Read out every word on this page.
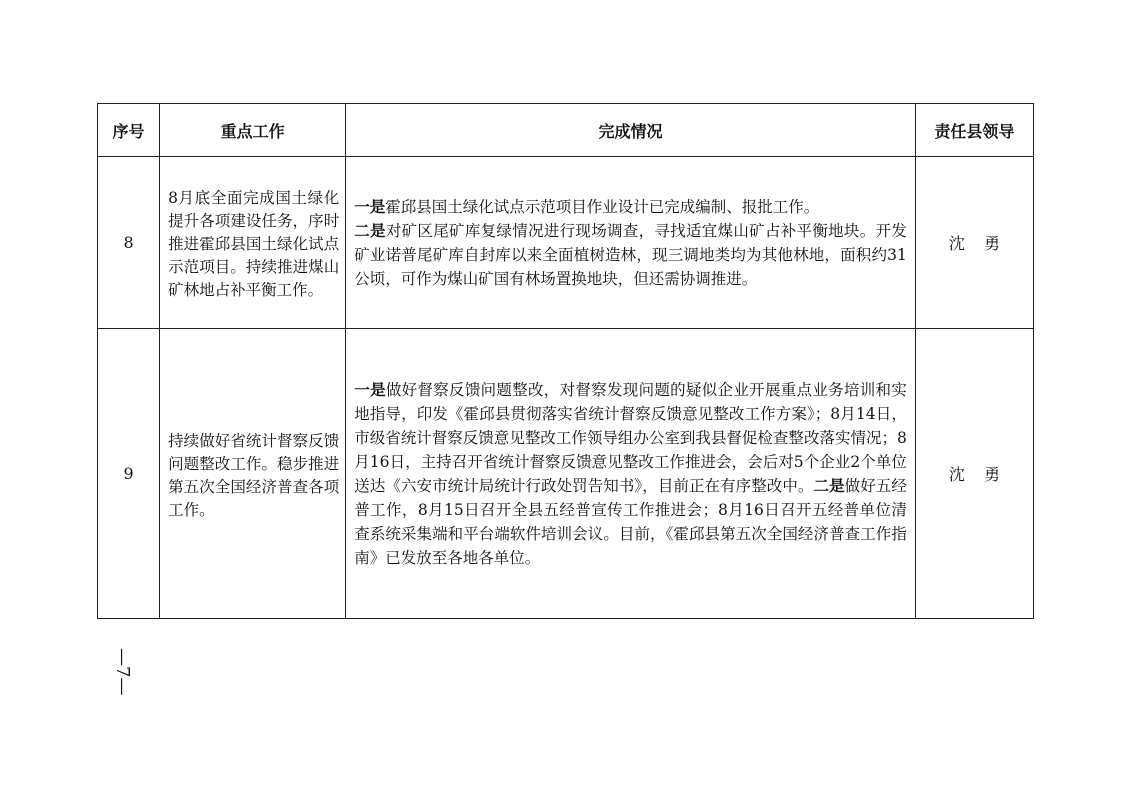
序号	重点工作	完成情况	责任县领导
8	8月底全面完成国土绿化提升各项建设任务，序时推进霍邱县国土绿化试点示范项目。持续推进煤山矿林地占补平衡工作。	一是霍邱县国土绿化试点示范项目作业设计已完成编制、报批工作。
二是对矿区尾矿库复绿情况进行现场调查，寻找适宜煤山矿占补平衡地块。开发矿业诺普尾矿库自封库以来全面植树造林，现三调地类均为其他林地，面积约31公顷，可作为煤山矿国有林场置换地块，但还需协调推进。	沈勇
9	持续做好省统计督察反馈问题整改工作。稳步推进第五次全国经济普查各项工作。	一是做好督察反馈问题整改，对督察发现问题的疑似企业开展重点业务培训和实地指导，印发《霍邱县贯彻落实省统计督察反馈意见整改工作方案》；8月14日，市级省统计督察反馈意见整改工作领导组办公室到我县督促检查整改落实情况；8月16日，主持召开省统计督察反馈意见整改工作推进会，会后对5个企业2个单位送达《六安市统计局统计行政处罚告知书》，目前正在有序整改中。二是做好五经普工作，8月15日召开全县五经普宣传工作推进会；8月16日召开五经普单位清查系统采集端和平台端软件培训会议。目前，《霍邱县第五次全国经济普查工作指南》已发放至各地各单位。	沈勇
—7—
